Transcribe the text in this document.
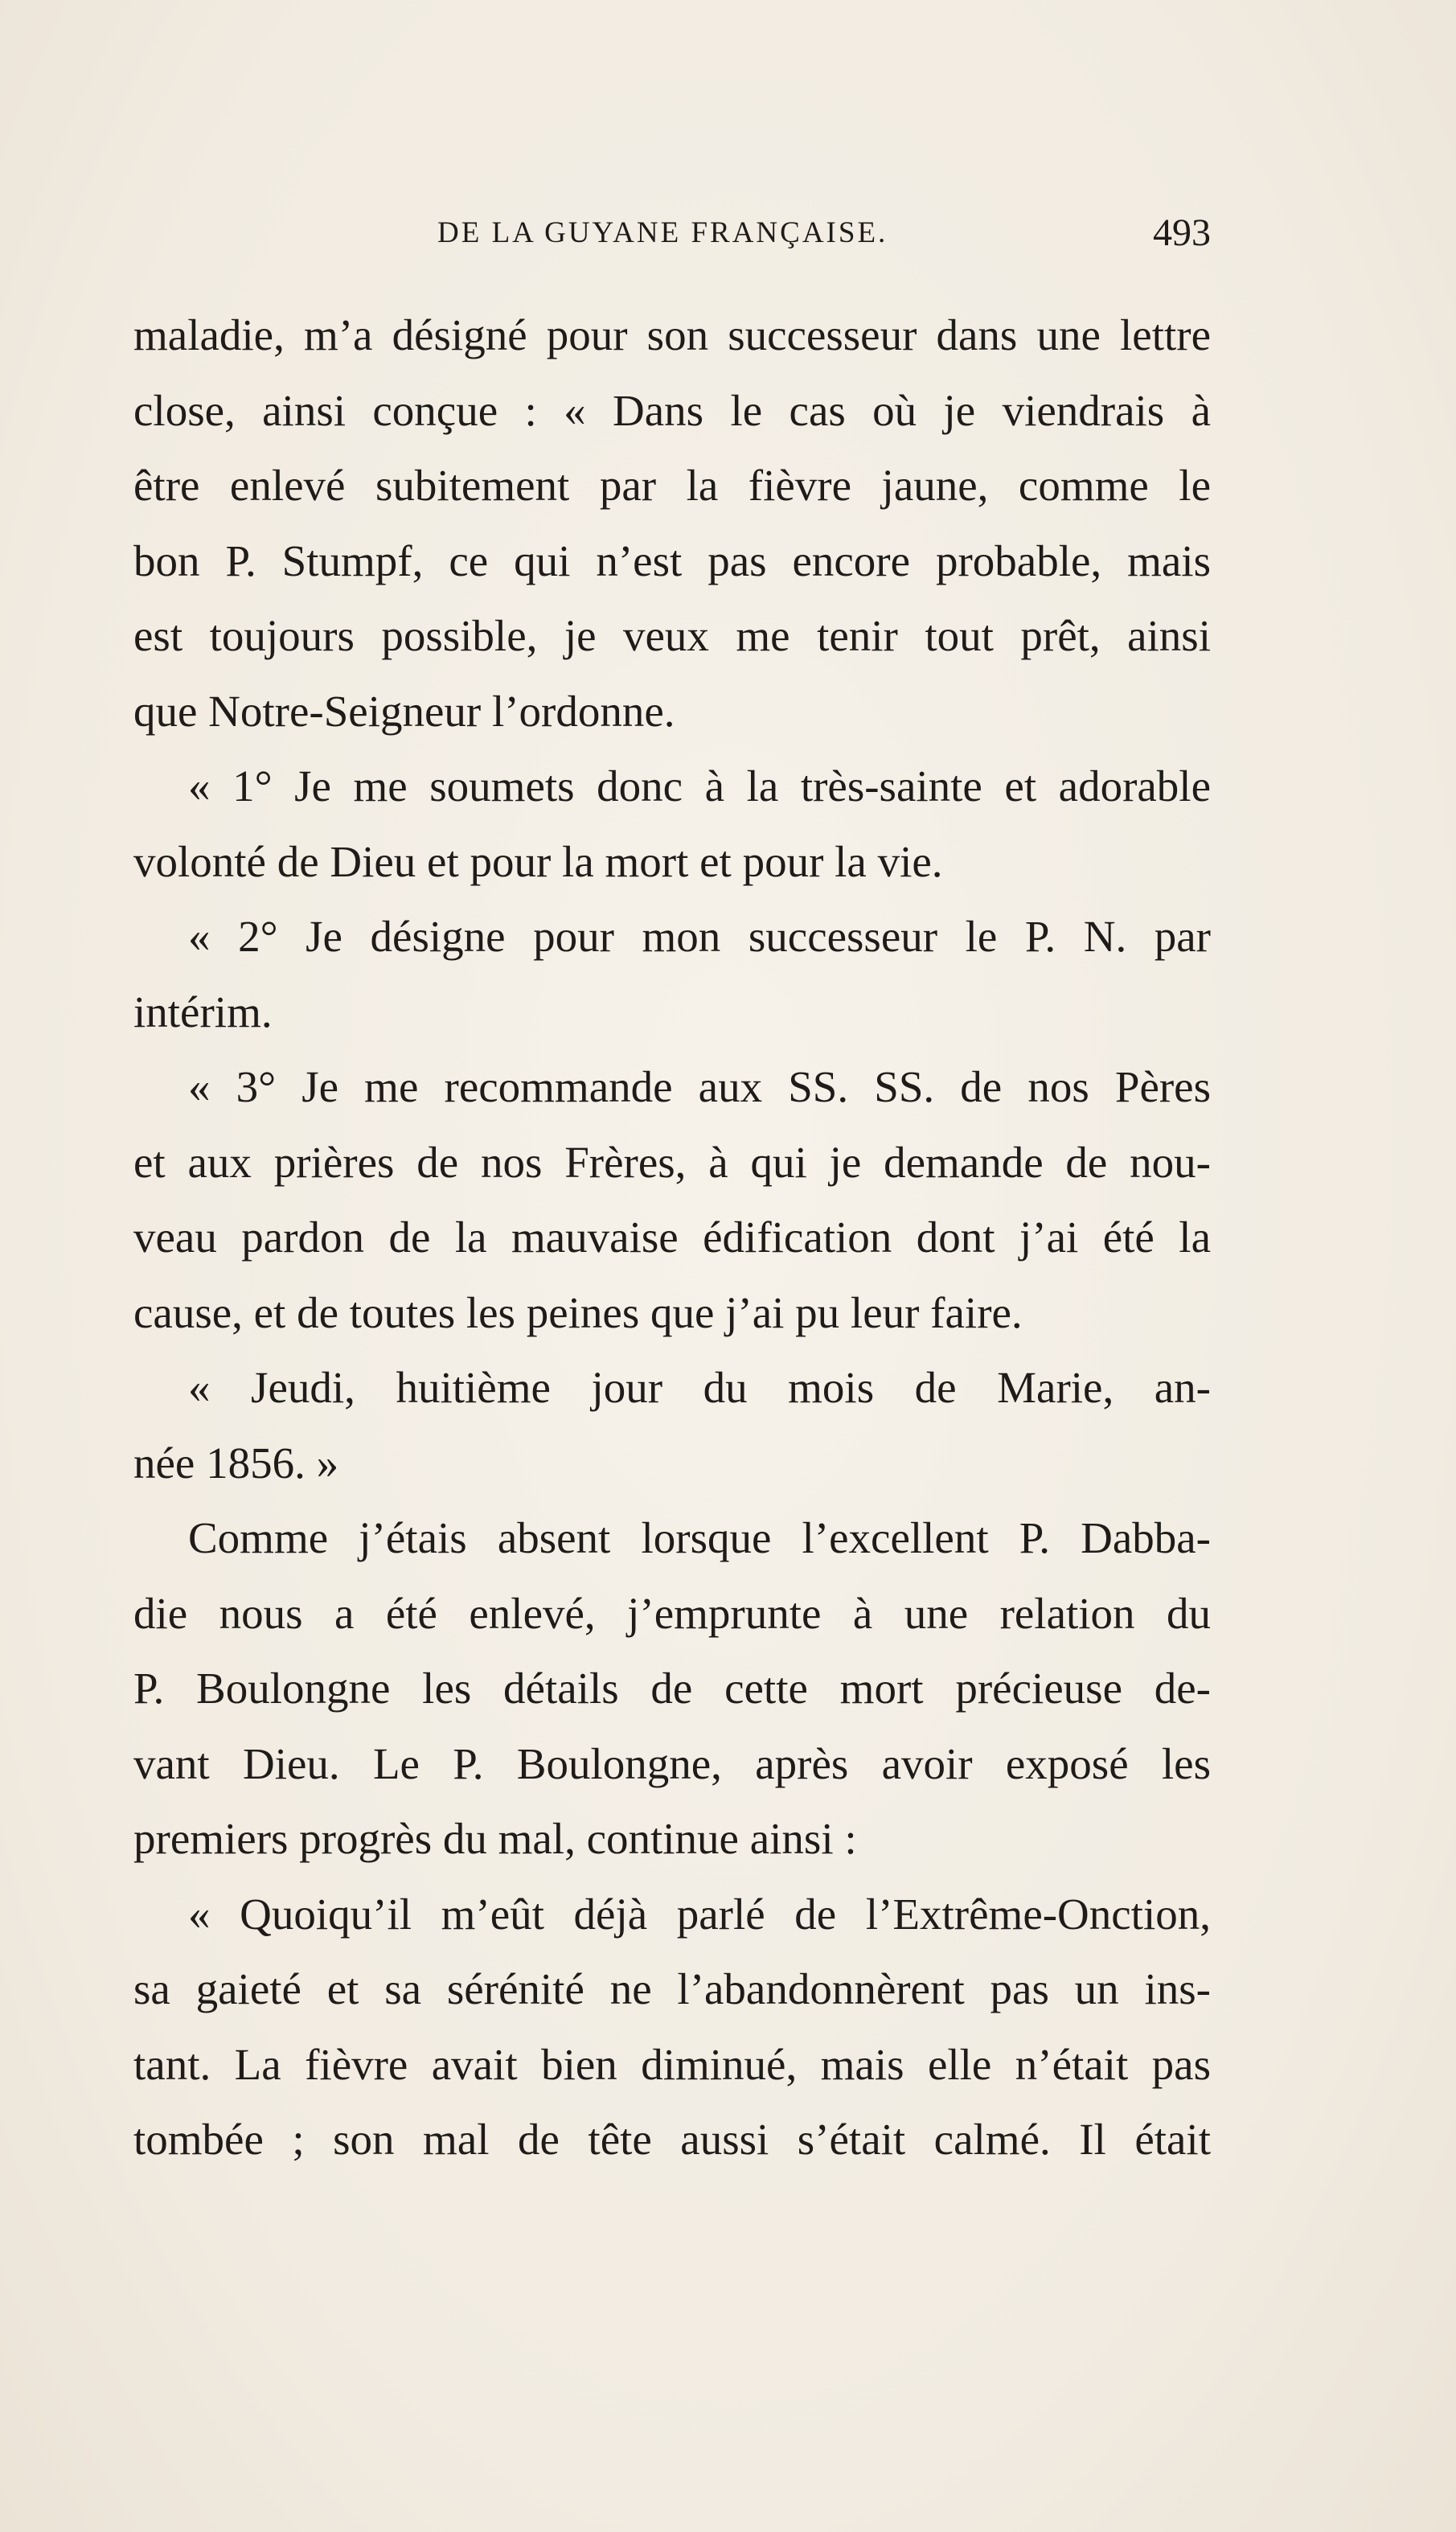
DE LA GUYANE FRANÇAISE.	493
maladie, m’a désigné pour son successeur dans une lettre
close, ainsi conçue : « Dans le cas où je viendrais à
être enlevé subitement par la fièvre jaune, comme le
bon P. Stumpf, ce qui n’est pas encore probable, mais
est toujours possible, je veux me tenir tout prêt, ainsi
que Notre-Seigneur l’ordonne.
« 1° Je me soumets donc à la très-sainte et adorable
volonté de Dieu et pour la mort et pour la vie.
« 2° Je désigne pour mon successeur le P. N. par
intérim.
« 3° Je me recommande aux SS. SS. de nos Pères
et aux prières de nos Frères, à qui je demande de nou-
veau pardon de la mauvaise édification dont j’ai été la
cause, et de toutes les peines que j’ai pu leur faire.
« Jeudi, huitième jour du mois de Marie, an-
née 1856. »
Comme j’étais absent lorsque l’excellent P. Dabba-
die nous a été enlevé, j’emprunte à une relation du
P. Boulongne les détails de cette mort précieuse de-
vant Dieu. Le P. Boulongne, après avoir exposé les
premiers progrès du mal, continue ainsi :
« Quoiqu’il m’eût déjà parlé de l’Extrême-Onction,
sa gaieté et sa sérénité ne l’abandonnèrent pas un ins-
tant. La fièvre avait bien diminué, mais elle n’était pas
tombée ; son mal de tête aussi s’était calmé. Il était
